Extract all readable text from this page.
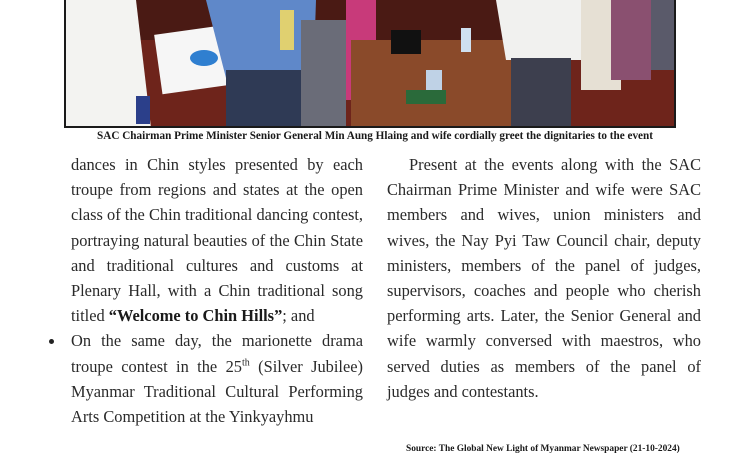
SAC Chairman Prime Minister Senior General Min Aung Hlaing and wife cordially greet the dignitaries to the event

dances in Chin styles presented by each troupe from regions and states at the open class of the Chin traditional dancing contest, portraying natural beauties of the Chin State and traditional cultures and customs at Plenary Hall, with a Chin traditional song titled “Welcome to Chin Hills”; and

On the same day, the marionette drama troupe contest in the 25th (Silver Jubilee) Myanmar Traditional Cultural Performing Arts Competition at the Yinkyayhmu

Present at the events along with the SAC Chairman Prime Minister and wife were SAC members and wives, union ministers and wives, the Nay Pyi Taw Council chair, deputy ministers, members of the panel of judges, supervisors, coaches and people who cherish performing arts. Later, the Senior General and wife warmly conversed with maestros, who served duties as members of the panel of judges and contestants.

Source: The Global New Light of Myanmar Newspaper (21-10-2024)
